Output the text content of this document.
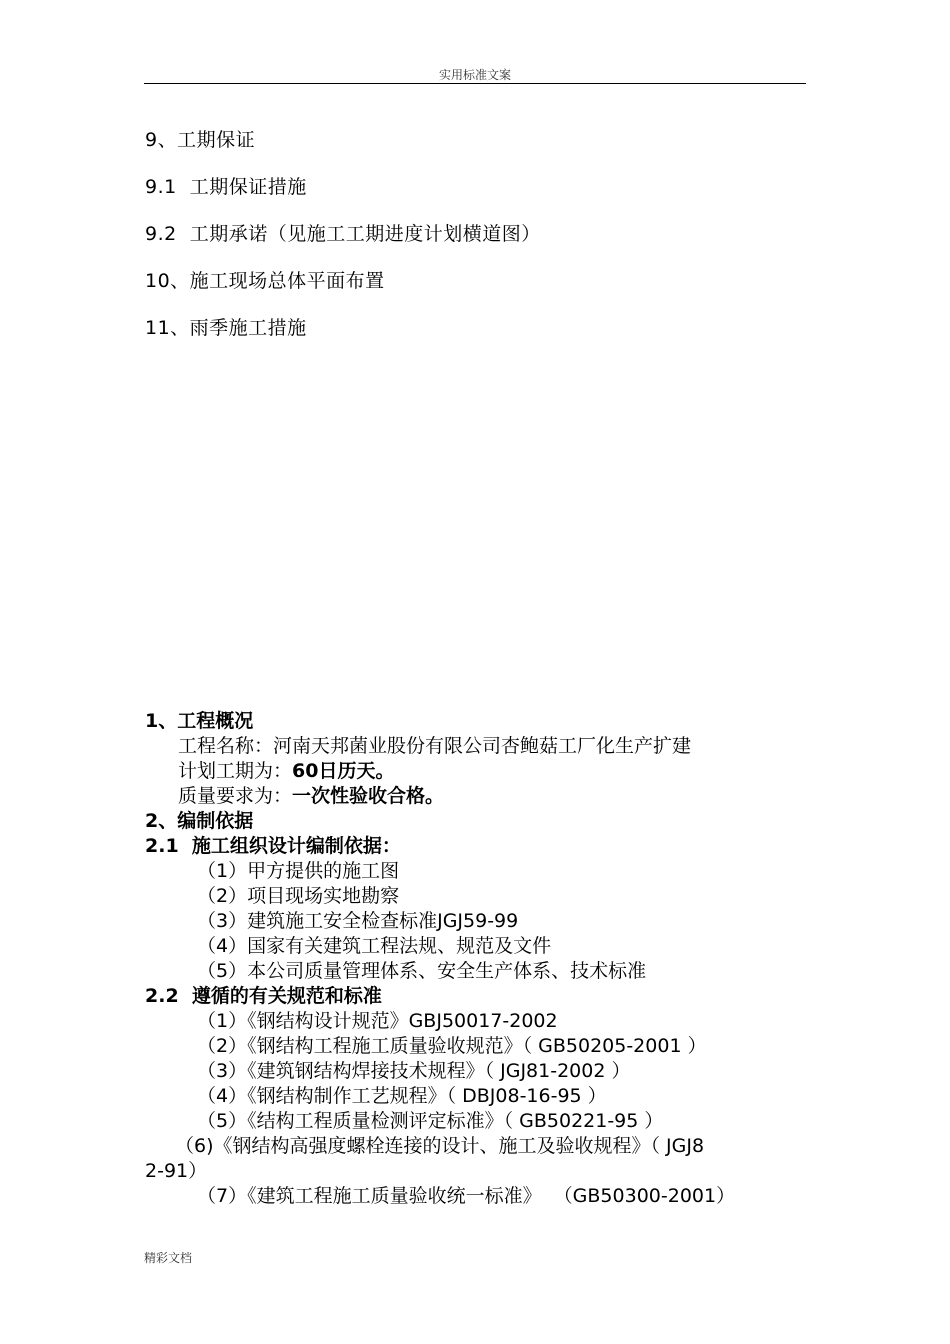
实用标准文案
9、工期保证
9.1  工期保证措施
9.2  工期承诺（见施工工期进度计划横道图）
10、施工现场总体平面布置
11、雨季施工措施
1、工程概况
工程名称：河南天邦菌业股份有限公司杏鲍菇工厂化生产扩建
计划工期为：60日历天。
质量要求为：一次性验收合格。
2、编制依据
2.1  施工组织设计编制依据：
（1）甲方提供的施工图
（2）项目现场实地勘察
（3）建筑施工安全检查标准JGJ59-99
（4）国家有关建筑工程法规、规范及文件
（5）本公司质量管理体系、安全生产体系、技术标准
2.2  遵循的有关规范和标准
（1）《钢结构设计规范》GBJ50017-2002
（2）《钢结构工程施工质量验收规范》（ GB50205-2001 ）
（3）《建筑钢结构焊接技术规程》（ JGJ81-2002 ）
（4）《钢结构制作工艺规程》（ DBJ08-16-95 ）
（5）《结构工程质量检测评定标准》（ GB50221-95 ）
（6)《钢结构高强度螺栓连接的设计、施工及验收规程》（ JGJ8
2-91）
（7）《建筑工程施工质量验收统一标准》  （GB50300-2001）
精彩文档
